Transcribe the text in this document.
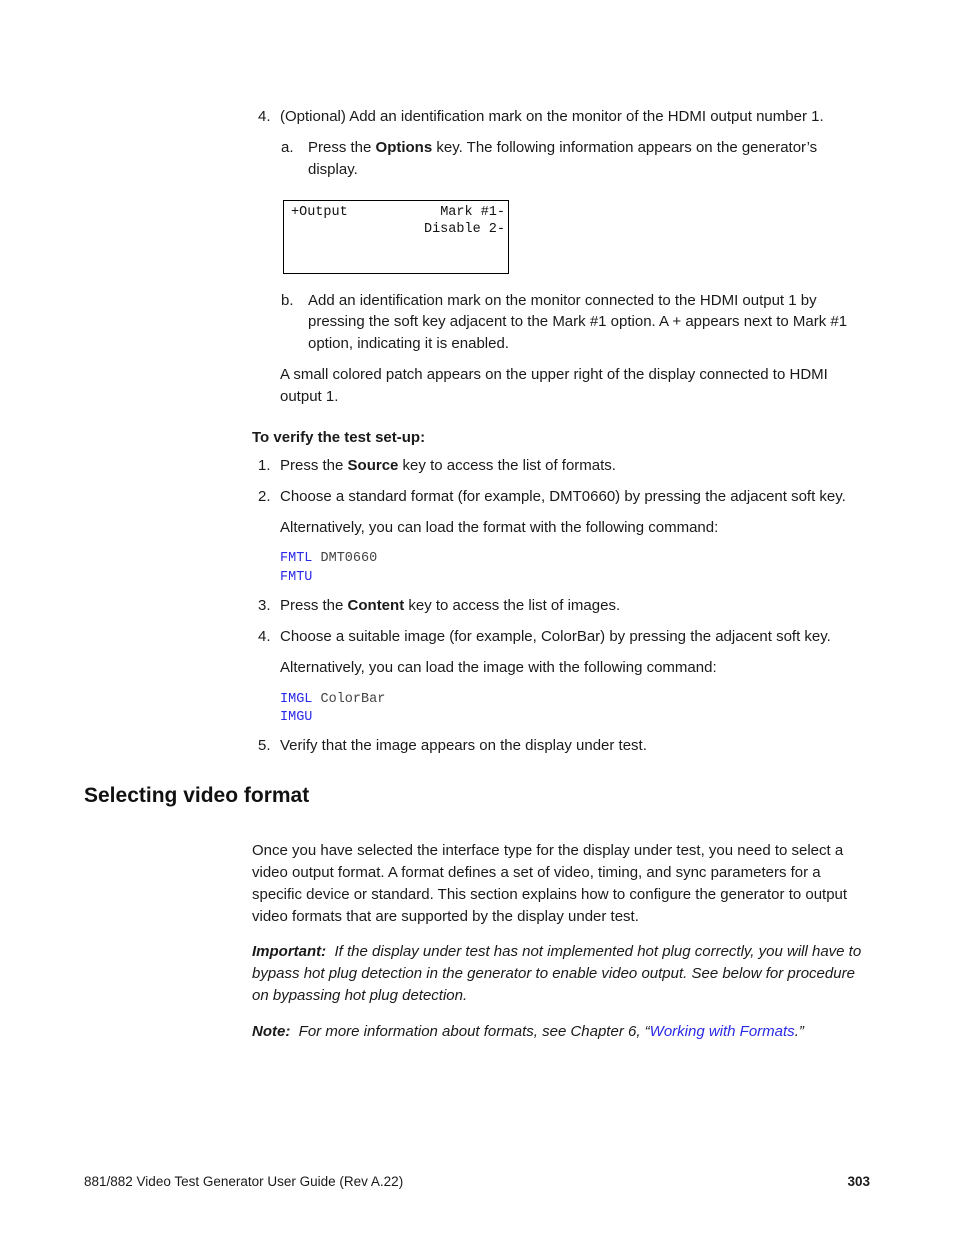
4. (Optional) Add an identification mark on the monitor of the HDMI output number 1.
a. Press the Options key. The following information appears on the generator’s
display.
+Output	Mark #1-
Disable 2-
b. Add an identification mark on the monitor connected to the HDMI output 1 by
pressing the soft key adjacent to the Mark #1 option. A + appears next to Mark #1
option, indicating it is enabled.
A small colored patch appears on the upper right of the display connected to HDMI
output 1.
To verify the test set-up:
1. Press the Source key to access the list of formats.
2. Choose a standard format (for example, DMT0660) by pressing the adjacent soft key.
Alternatively, you can load the format with the following command:
FMTL DMT0660
FMTU
3. Press the Content key to access the list of images.
4. Choose a suitable image (for example, ColorBar) by pressing the adjacent soft key.
Alternatively, you can load the image with the following command:
IMGL ColorBar
IMGU
5. Verify that the image appears on the display under test.
Selecting video format
Once you have selected the interface type for the display under test, you need to select a video output format. A format defines a set of video, timing, and sync parameters for a specific device or standard. This section explains how to configure the generator to output video formats that are supported by the display under test.
Important: If the display under test has not implemented hot plug correctly, you will have to bypass hot plug detection in the generator to enable video output. See below for procedure on bypassing hot plug detection.
Note: For more information about formats, see Chapter 6, “Working with Formats.”
881/882 Video Test Generator User Guide (Rev A.22)	303
